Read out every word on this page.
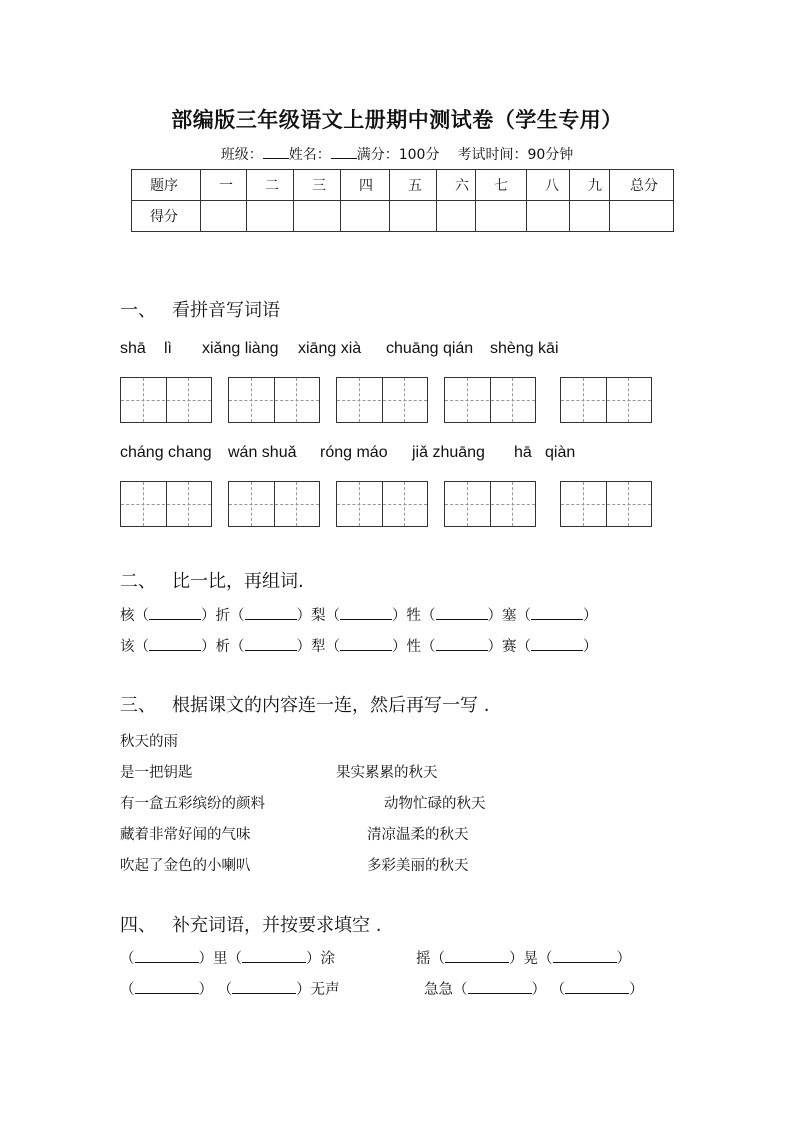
部编版三年级语文上册期中测试卷（学生专用）
班级： 姓名： 满分：100分 考试时间：90分钟
题序	一	二	三	四	五	六	七	八	九	总分
得分										
一、 看拼音写词语
shā lì xiǎng liàng xiāng xià chuāng qián shèng kāi
cháng chang wán shuǎ róng máo jiǎ zhuāng hā qiàn
二、 比一比，再组词.
核（	）折（	）梨（	）牲（	）塞（	）
该（	）析（	）犁（	）性（	）赛（	）
三、 根据课文的内容连一连，然后再写一写 .
秋天的雨
是一把钥匙
有一盒五彩缤纷的颜料
藏着非常好闻的气味
吹起了金色的小喇叭
果实累累的秋天
动物忙碌的秋天
清凉温柔的秋天
多彩美丽的秋天
四、 补充词语，并按要求填空 .
（	）里（	）涂	摇（	）晃（	）
（	） （	）无声	急急（	） （	）
